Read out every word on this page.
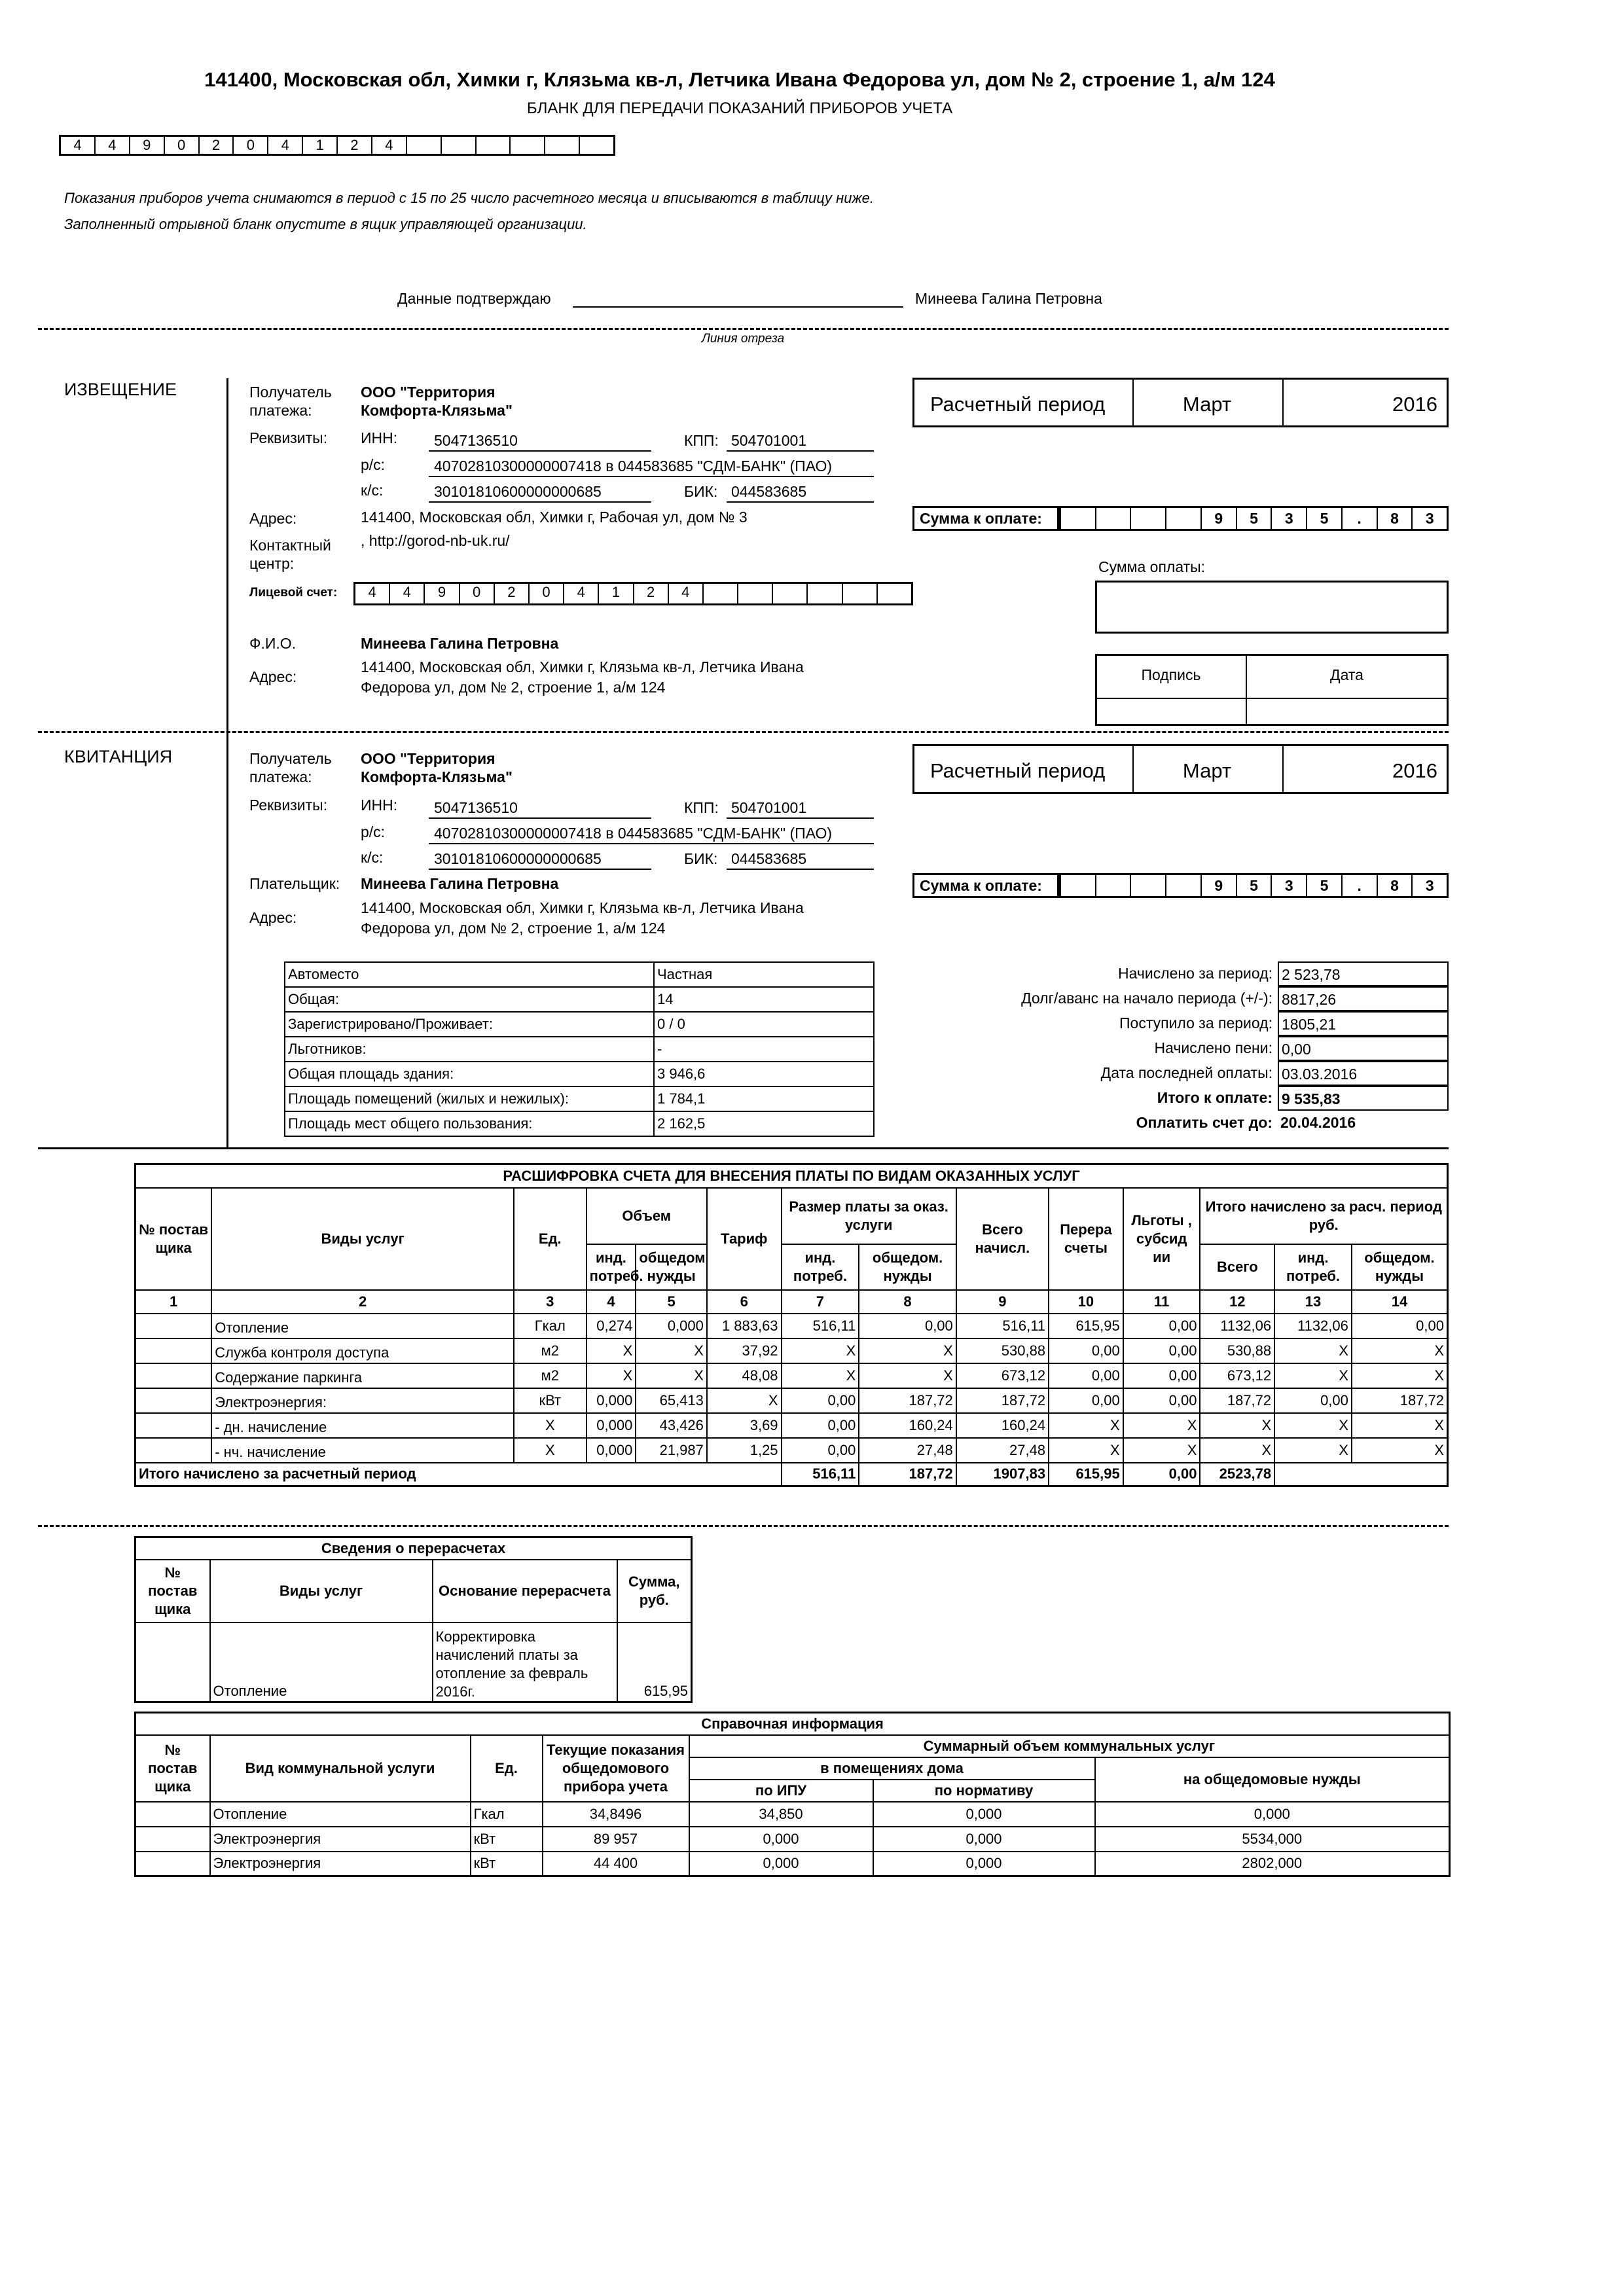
141400, Московская обл, Химки г, Клязьма кв-л, Летчика Ивана Федорова ул, дом № 2, строение 1, а/м 124
БЛАНК ДЛЯ ПЕРЕДАЧИ ПОКАЗАНИЙ ПРИБОРОВ УЧЕТА
4	4	9	0	2	0	4	1	2	4
Показания приборов учета снимаются в период с 15 по 25 число расчетного месяца и вписываются в таблицу ниже.
Заполненный отрывной бланк опустите в ящик управляющей организации.
Данные подтверждаю	Минеева Галина Петровна
Линия отреза
ИЗВЕЩЕНИЕ	Получатель
платежа:
ООО "Территория
Комфорта-Клязьма"
Реквизиты: ИНН: 5047136510	КПП: 504701001
р/с:	40702810300000007418 в 044583685 "СДМ-БАНК" (ПАО)
к/с:	30101810600000000685	БИК: 044583685
Адрес:	141400, Московская обл, Химки г, Рабочая ул, дом № 3
Контактный
центр:
, http://gorod-nb-uk.ru/
Лицевой счет:	4	4	9	0	2	0	4	1	2	4
Ф.И.О.	Минеева Галина Петровна
Адрес:
141400, Московская обл, Химки г, Клязьма кв-л, Летчика Ивана
Федорова ул, дом № 2, строение 1, а/м 124
Расчетный период	Март	2016
Сумма к оплате:	9	5	3	5	.	8	3
Сумма оплаты:
Подпись	Дата
КВИТАНЦИЯ	Получатель
платежа:
ООО "Территория
Комфорта-Клязьма"
Реквизиты: ИНН: 5047136510	КПП: 504701001
р/с:	40702810300000007418 в 044583685 "СДМ-БАНК" (ПАО)
к/с:	30101810600000000685	БИК: 044583685
Плательщик: Минеева Галина Петровна
Адрес:
141400, Московская обл, Химки г, Клязьма кв-л, Летчика Ивана
Федорова ул, дом № 2, строение 1, а/м 124
Расчетный период	Март	2016
Сумма к оплате:	9	5	3	5	.	8	3
Автоместо	Частная
Общая:	14
Зарегистрировано/Проживает:	0 / 0
Льготников:	-
Общая площадь здания:	3 946,6
Площадь помещений (жилых и нежилых):	1 784,1
Площадь мест общего пользования:	2 162,5
Начислено за период: 2 523,78
Долг/аванс на начало периода (+/-): 8817,26
Поступило за период: 1805,21
Начислено пени: 0,00
Дата последней оплаты: 03.03.2016
Итого к оплате: 9 535,83
Оплатить счет до: 20.04.2016
РАСШИФРОВКА СЧЕТА ДЛЯ ВНЕСЕНИЯ ПЛАТЫ ПО ВИДАМ ОКАЗАННЫХ УСЛУГ													
№ постав щика	Виды услуг	Ед.	Объем		Тариф	Размер платы за оказ. услуги		Всего начисл.	Перера счеты	Льготы , субсид ии	Итого начислено за расч. период руб.		
			инд. потреб.	общедом нужды		инд. потреб.	общедом. нужды				Всего	инд. потреб.	общедом. нужды
1	2	3	4	5	6	7	8	9	10	11	12	13	14
	Отопление	Гкал	0,274	0,000	1 883,63	516,11	0,00	516,11	615,95	0,00	1132,06	1132,06	0,00
	Служба контроля доступа	м2	X	X	37,92	X	X	530,88	0,00	0,00	530,88	X	X
	Содержание паркинга	м2	X	X	48,08	X	X	673,12	0,00	0,00	673,12	X	X
	Электроэнергия:	кВт	0,000	65,413	X	0,00	187,72	187,72	0,00	0,00	187,72	0,00	187,72
	- дн. начисление	X	0,000	43,426	3,69	0,00	160,24	160,24	X	X	X	X	X
	- нч. начисление	X	0,000	21,987	1,25	0,00	27,48	27,48	X	X	X	X	X
Итого начислено за расчетный период						516,11	187,72	1907,83	615,95	0,00	2523,78		
Сведения о перерасчетах			
№ постав щика	Виды услуг	Основание перерасчета	Сумма, руб.
	Отопление	Корректировка начислений платы за отопление за февраль 2016г.	615,95
Справочная информация						
№ постав щика	Вид коммунальной услуги	Ед.	Текущие показания общедомового прибора учета	Суммарный объем коммунальных услуг		
				в помещениях дома		на общедомовые нужды
				по ИПУ	по нормативу	
	Отопление	Гкал	34,8496	34,850	0,000	0,000
	Электроэнергия	кВт	89 957	0,000	0,000	5534,000
	Электроэнергия	кВт	44 400	0,000	0,000	2802,000
